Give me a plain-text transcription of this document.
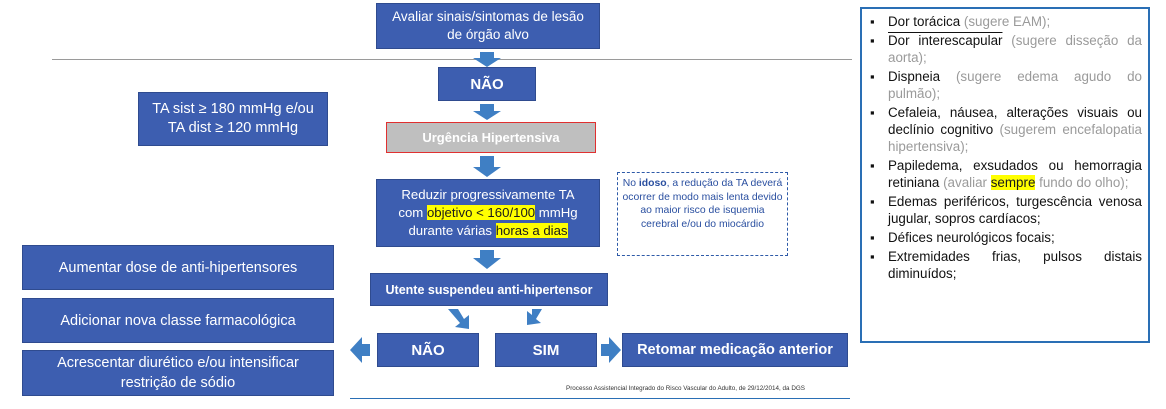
Avaliar sinais/sintomas de lesão de órgão alvo
NÃO
TA sist ≥ 180 mmHg e/ou
TA dist ≥ 120 mmHg
Urgência Hipertensiva
Reduzir progressivamente TA
com objetivo < 160/100 mmHg
durante várias horas a dias
No idoso, a redução da TA deverá ocorrer de modo mais lenta devido ao maior risco de isquemia cerebral e/ou do miocárdio
Utente suspendeu anti-hipertensor
NÃO	SIM	Retomar medicação anterior
Aumentar dose de anti-hipertensores
Adicionar nova classe farmacológica
Acrescentar diurético e/ou intensificar restrição de sódio
▪ Dor torácica (sugere EAM);
▪ Dor interescapular (sugere disseção da aorta);
▪ Dispneia (sugere edema agudo do pulmão);
▪ Cefaleia, náusea, alterações visuais ou declínio cognitivo (sugerem encefalopatia hipertensiva);
▪ Papiledema, exsudados ou hemorragia retiniana (avaliar sempre fundo do olho);
▪ Edemas periféricos, turgescência venosa jugular, sopros cardíacos;
▪ Défices neurológicos focais;
▪ Extremidades frias, pulsos distais diminuídos;
Processo Assistencial Integrado do Risco Vascular do Adulto, de 29/12/2014, da DGS
